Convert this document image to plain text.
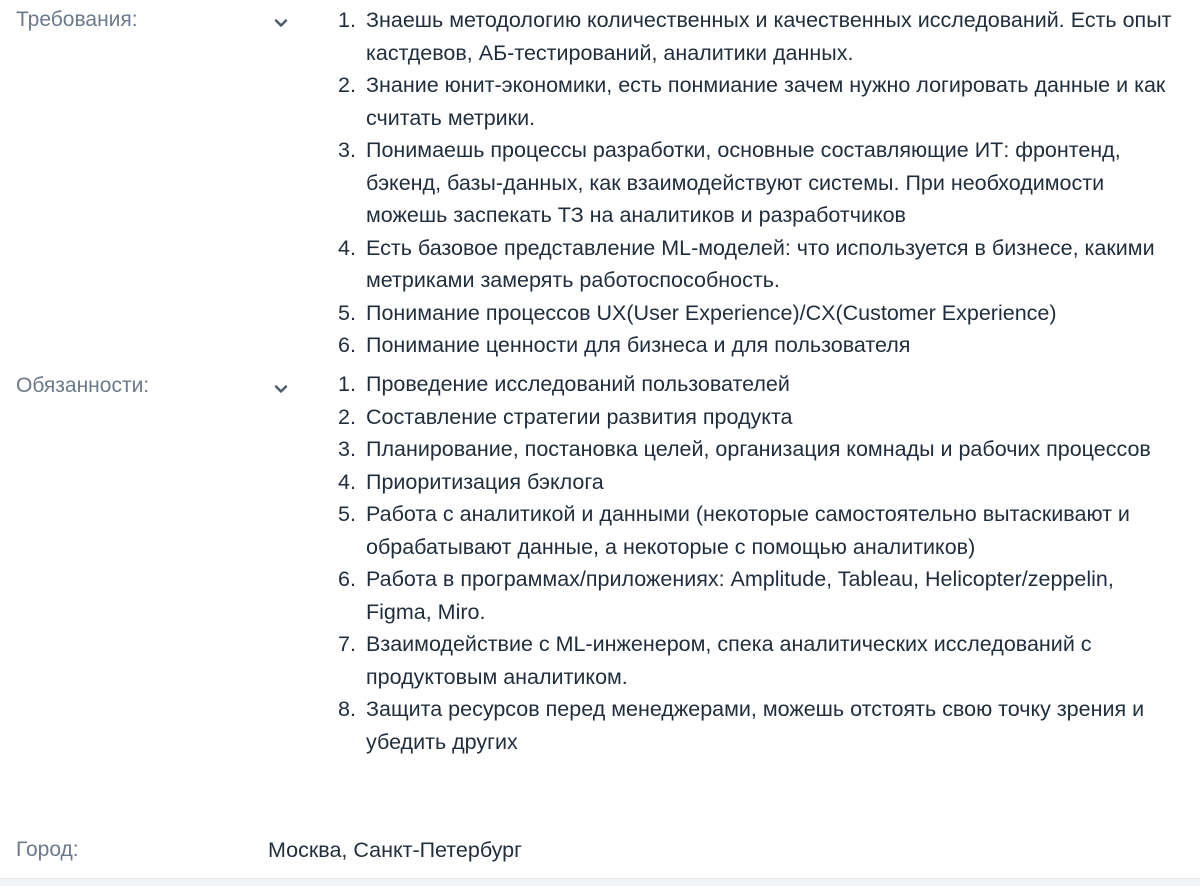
Требования:	1. Знаешь методологию количественных и качественных исследований. Есть опыт кастдевов, АБ-тестирований, аналитики данных.
2. Знание юнит-экономики, есть понмиание зачем нужно логировать данные и как считать метрики.
3. Понимаешь процессы разработки, основные составляющие ИТ: фронтенд, бэкенд, базы-данных, как взаимодействуют системы. При необходимости можешь заспекать ТЗ на аналитиков и разработчиков
4. Есть базовое представление ML-моделей: что используется в бизнесе, какими метриками замерять работоспособность.
5. Понимание процессов UX(User Experience)/CX(Customer Experience)
6. Понимание ценности для бизнеса и для пользователя
Обязанности:	1. Проведение исследований пользователей
2. Составление стратегии развития продукта
3. Планирование, постановка целей, организация комнады и рабочих процессов
4. Приоритизация бэклога
5. Работа с аналитикой и данными (некоторые самостоятельно вытаскивают и обрабатывают данные, а некоторые с помощью аналитиков)
6. Работа в программах/приложениях: Amplitude, Tableau, Helicopter/zeppelin, Figma, Miro.
7. Взаимодействие с ML-инженером, спека аналитических исследований с продуктовым аналитиком.
8. Защита ресурсов перед менеджерами, можешь отстоять свою точку зрения и убедить других
Город:	Москва, Санкт-Петербург
